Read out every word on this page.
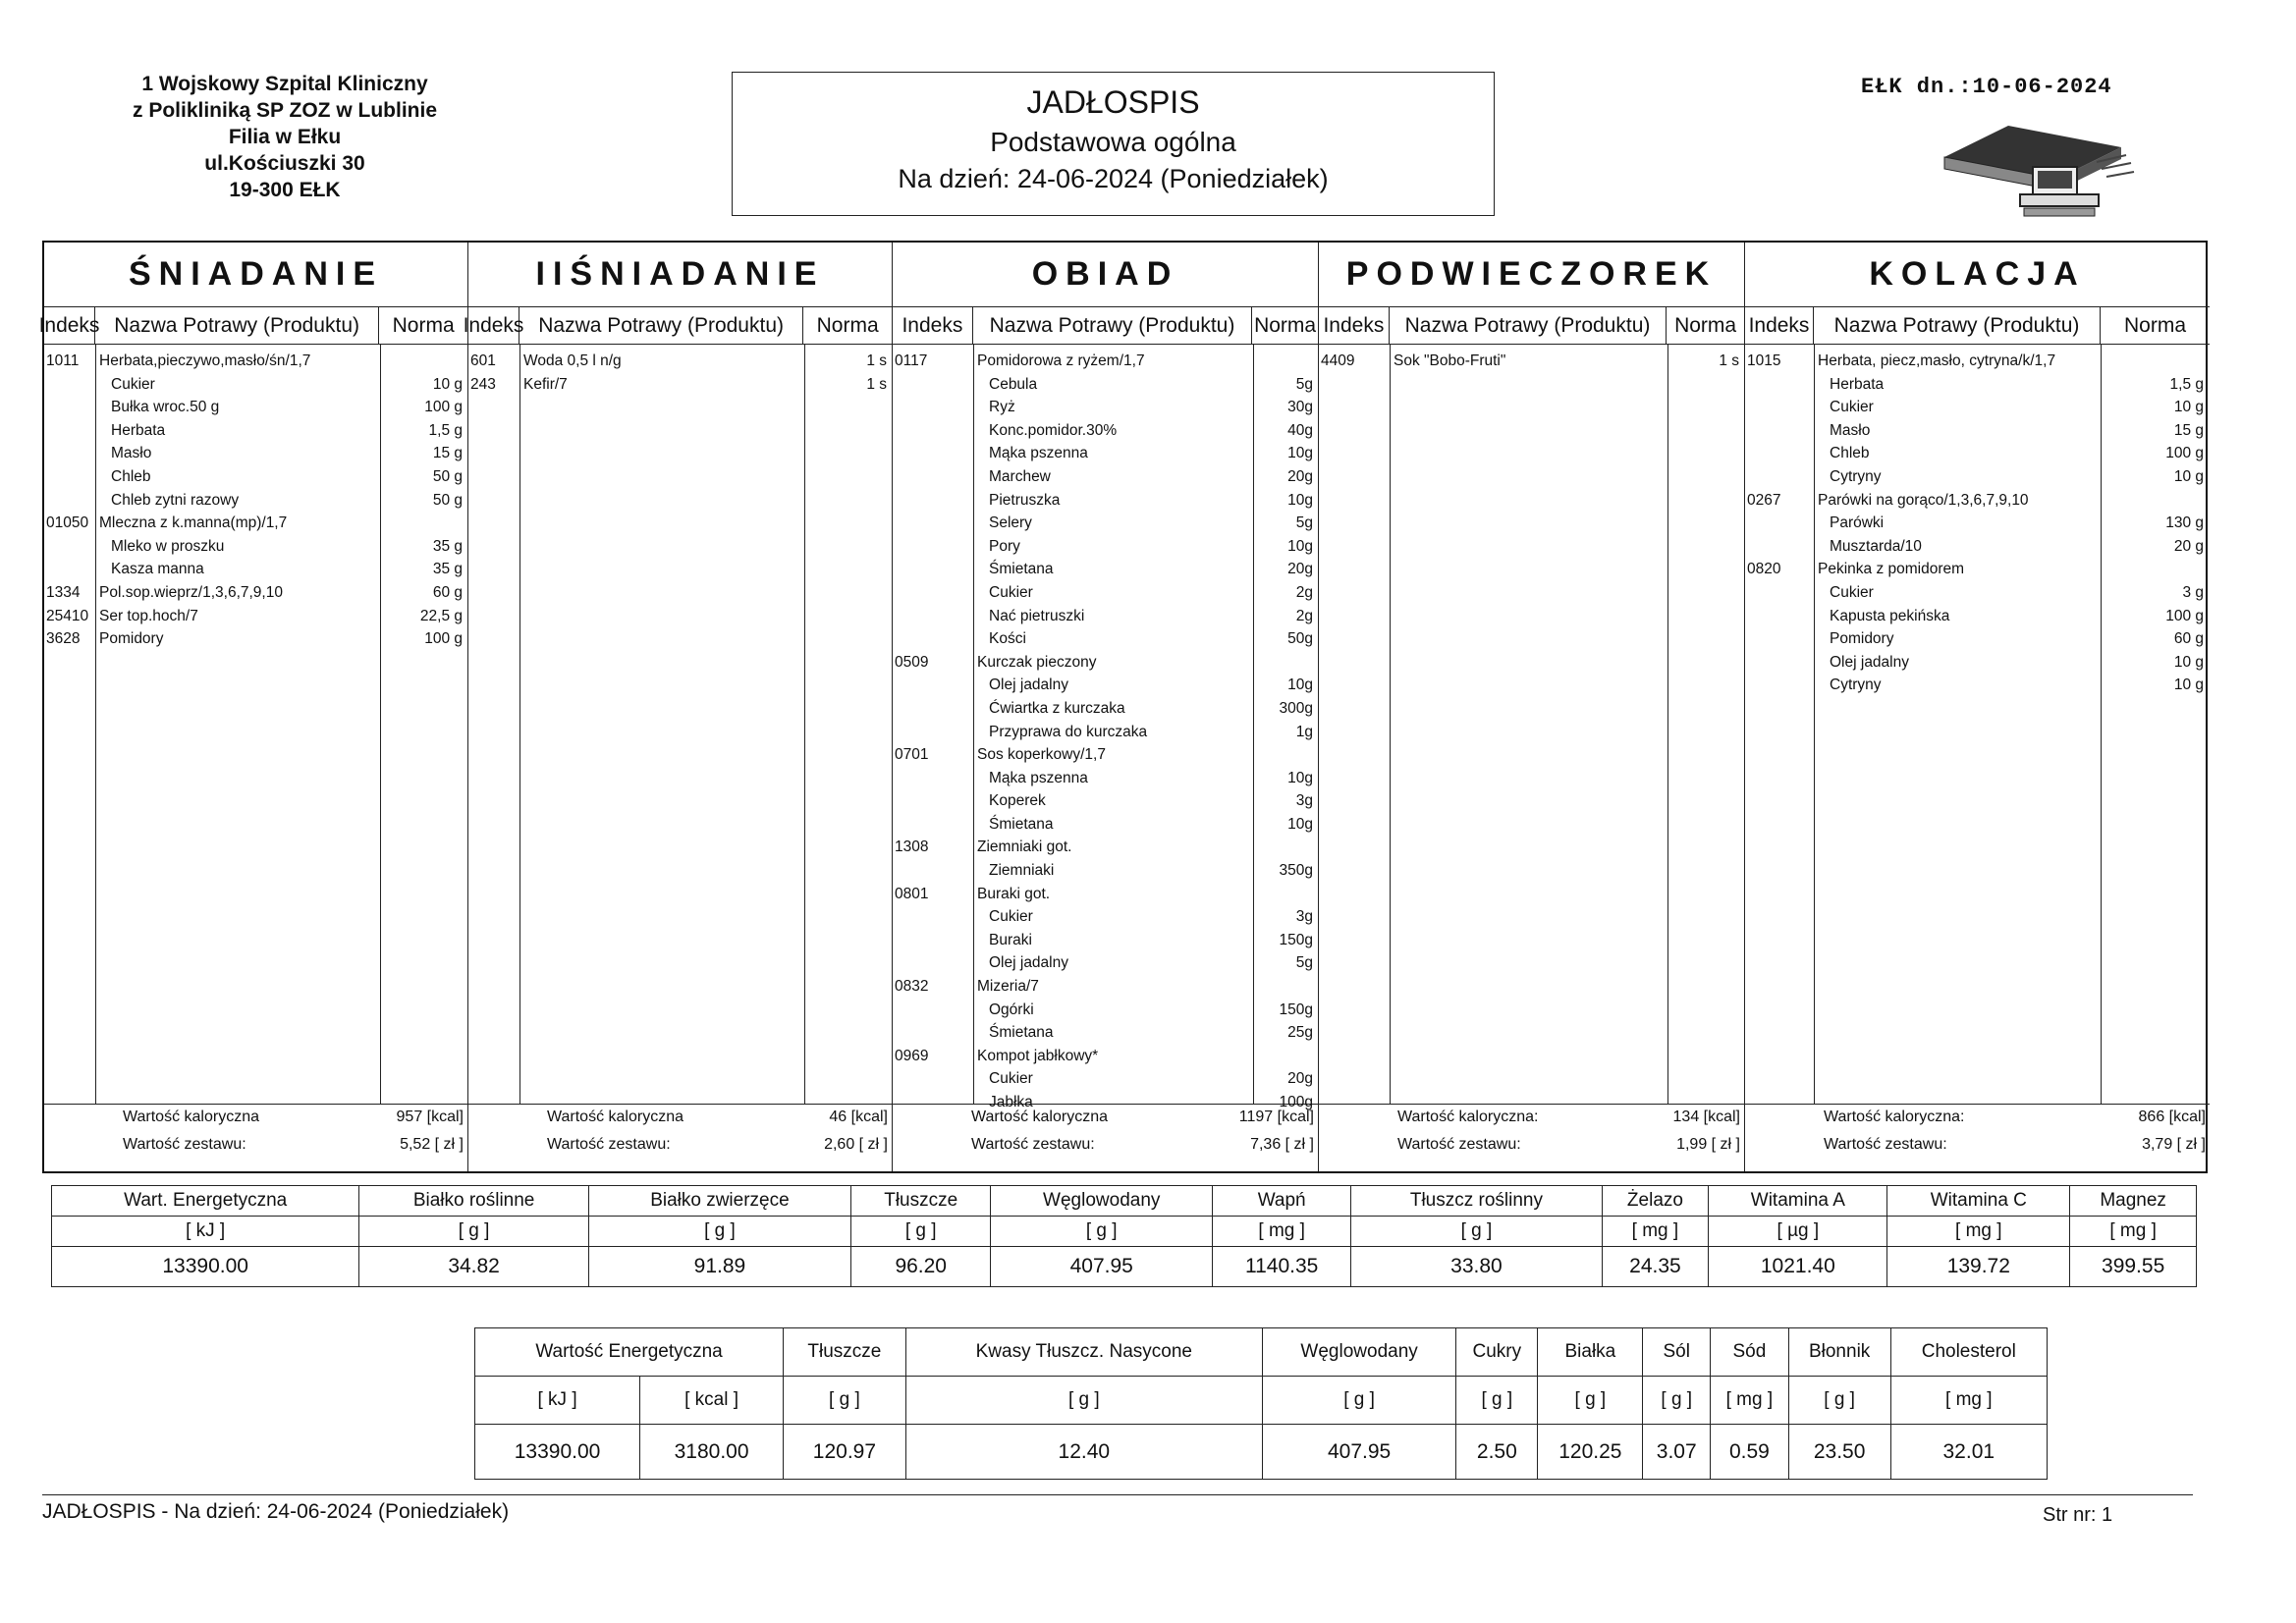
1 Wojskowy Szpital Kliniczny
z Polikliniką SP ZOZ w Lublinie
Filia w Ełku
ul.Kościuszki 30
19-300 EŁK
JADŁOSPIS
Podstawowa ogólna
Na dzień: 24-06-2024 (Poniedziałek)
EŁK dn.:10-06-2024
ŚNIADANIE
Indeks Nazwa Potrawy (Produktu)	Norma
1011 Herbata,pieczywo,masło/śn/1,7
Cukier	10 g
Bułka wroc.50 g	100 g
Herbata	1,5 g
Masło	15 g
Chleb	50 g
Chleb zytni razowy	50 g
01050 Mleczna z k.manna(mp)/1,7
Mleko w proszku	35 g
Kasza manna	35 g
1334 Pol.sop.wieprz/1,3,6,7,9,10	60 g
25410 Ser top.hoch/7	22,5 g
3628 Pomidory	100 g
Wartość kaloryczna	957 [kcal]
Wartość zestawu:	5,52 [ zł ]
IIŚNIADANIE
Indeks Nazwa Potrawy (Produktu)	Norma
601 Woda 0,5 l n/g	1 s
243 Kefir/7	1 s
Wartość kaloryczna	46 [kcal]
Wartość zestawu:	2,60 [ zł ]
OBIAD
Indeks	Nazwa Potrawy (Produktu) Norma
0117	Pomidorowa z ryżem/1,7
Cebula	5g
Ryż	30g
Konc.pomidor.30%	40g
Mąka pszenna	10g
Marchew	20g
Pietruszka	10g
Selery	5g
Pory	10g
Śmietana	20g
Cukier	2g
Nać pietruszki	2g
Kości	50g
0509	Kurczak pieczony
Olej jadalny	10g
Ćwiartka z kurczaka	300g
Przyprawa do kurczaka	1g
0701	Sos koperkowy/1,7
Mąka pszenna	10g
Koperek	3g
Śmietana	10g
1308	Ziemniaki got.
Ziemniaki	350g
0801	Buraki got.
Cukier	3g
Buraki	150g
Olej jadalny	5g
0832	Mizeria/7
Ogórki	150g
Śmietana	25g
0969	Kompot jabłkowy*
Cukier	20g
Jabłka	100g
Wartość kaloryczna	1197 [kcal]
Wartość zestawu:	7,36 [ zł ]
PODWIECZOREK
Indeks	Nazwa Potrawy (Produktu)	Norma
4409	Sok "Bobo-Fruti"	1 s
Wartość kaloryczna:	134 [kcal]
Wartość zestawu:	1,99 [ zł ]
KOLACJA
Indeks	Nazwa Potrawy (Produktu)	Norma
1015 Herbata, piecz,masło, cytryna/k/1,7
Herbata	1,5 g
Cukier	10 g
Masło	15 g
Chleb	100 g
Cytryny	10 g
0267 Parówki na gorąco/1,3,6,7,9,10
Parówki	130 g
Musztarda/10	20 g
0820 Pekinka z pomidorem
Cukier	3 g
Kapusta pekińska	100 g
Pomidory	60 g
Olej jadalny	10 g
Cytryny	10 g
Wartość kaloryczna:	866 [kcal]
Wartość zestawu:	3,79 [ zł ]
Wart. Energetyczna	Białko roślinne	Białko zwierzęce	Tłuszcze	Węglowodany	Wapń	Tłuszcz roślinny	Żelazo	Witamina A	Witamina C	Magnez
[ kJ ]	[ g ]	[ g ]	[ g ]	[ g ]	[ mg ]	[ g ]	[ mg ]	[ µg ]	[ mg ]	[ mg ]
13390.00	34.82	91.89	96.20	407.95	1140.35	33.80	24.35	1021.40	139.72	399.55
Wartość Energetyczna		Tłuszcze	Kwasy Tłuszcz. Nasycone	Węglowodany	Cukry	Białka	Sól	Sód	Błonnik	Cholesterol
[ kJ ]	[ kcal ]	[ g ]	[ g ]	[ g ]	[ g ]	[ g ]	[ g ]	[ mg ]	[ g ]	[ mg ]
13390.00	3180.00	120.97	12.40	407.95	2.50	120.25	3.07	0.59	23.50	32.01
JADŁOSPIS - Na dzień: 24-06-2024 (Poniedziałek)	Str nr: 1
